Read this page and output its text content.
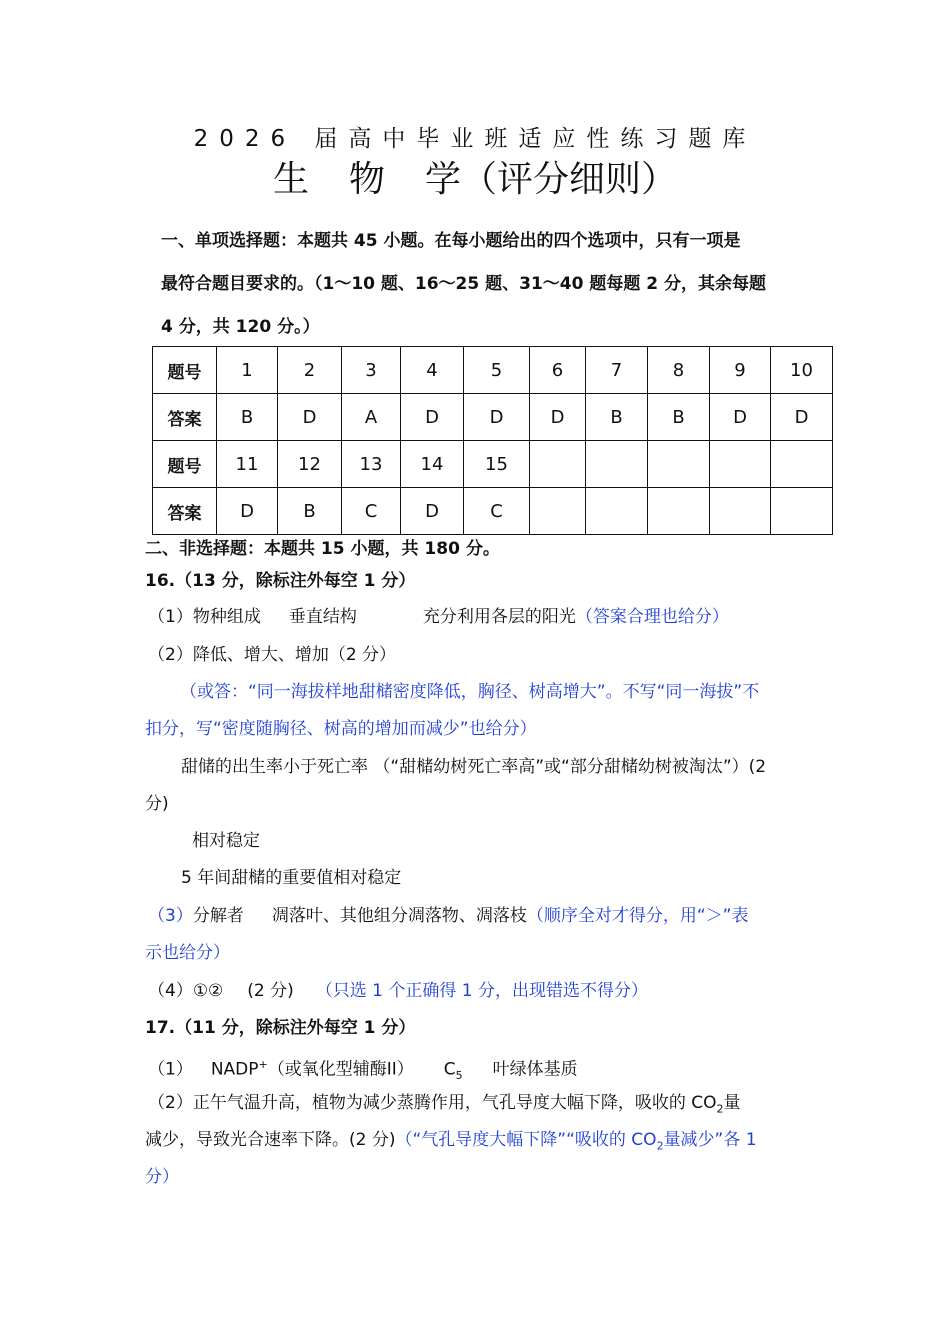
2026 届高中毕业班适应性练习题库
生 物 学（评分细则）
一、单项选择题：本题共 45 小题。在每小题给出的四个选项中，只有一项是
最符合题目要求的。（1～10 题、16～25 题、31～40 题每题 2 分，其余每题
4 分，共 120 分。）
题号	1	2	3	4	5	6	7	8	9	10
答案	B	D	A	D	D	D	B	B	D	D
题号	11	12	13	14	15					
答案	D	B	C	D	C					
二、非选择题：本题共 15 小题，共 180 分。
16.（13 分，除标注外每空 1 分）
（1）物种组成 垂直结构	充分利用各层的阳光（答案合理也给分）
（2）降低、增大、增加（2 分）
（或答：“同一海拔样地甜槠密度降低，胸径、树高增大”。不写“同一海拔”不
扣分，写“密度随胸径、树高的增加而减少”也给分）
甜储的出生率小于死亡率 （“甜槠幼树死亡率高”或“部分甜槠幼树被淘汰”）(2
分)
相对稳定
5 年间甜槠的重要值相对稳定
（3）分解者 凋落叶、其他组分凋落物、凋落枝（顺序全对才得分，用“＞”表
示也给分）
（4）①② (2 分) （只选 1 个正确得 1 分，出现错选不得分）
17.（11 分，除标注外每空 1 分）
（1） NADP+（或氧化型辅酶II） $C_5$ 叶绿体基质
（2）正午气温升高，植物为减少蒸腾作用，气孔导度大幅下降，吸收的 $CO_2$量
减少，导致光合速率下降。(2 分)（“气孔导度大幅下降”“吸收的 $CO_2$量减少”各 1
分）
